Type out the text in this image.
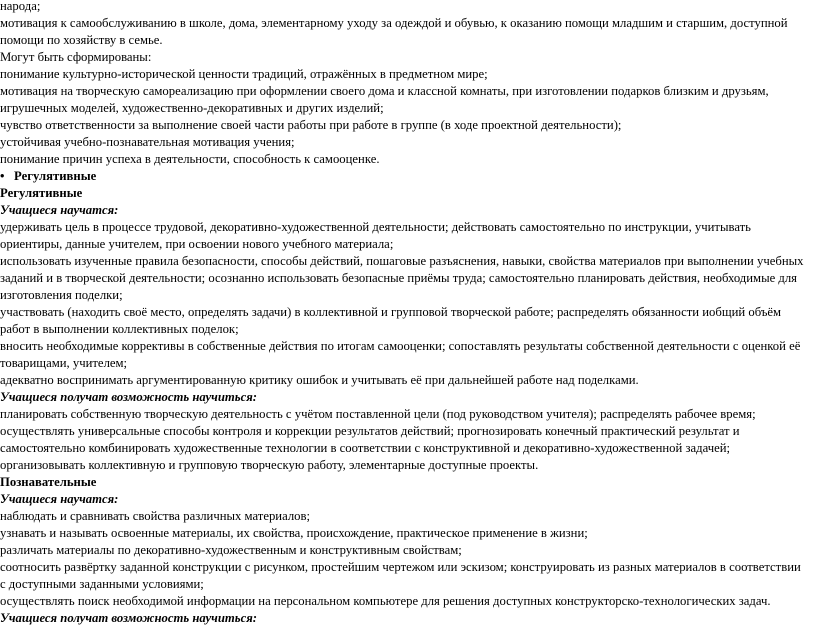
народа;

мотивация к самообслуживанию в школе, дома, элементарному уходу за одеждой и обувью, к оказанию помощи младшим и старшим, доступной помощи по хозяйству в семье.

Могут быть сформированы:

понимание культурно-исторической ценности традиций, отражённых в предметном мире;

мотивация на творческую самореализацию при оформлении своего дома и классной комнаты, при изготовлении подарков близким и друзьям, игрушечных моделей, художественно-декоративных и других изделий;

чувство ответственности за выполнение своей части работы при работе в группе (в ходе проектной деятельности);

устойчивая учебно-познавательная мотивация учения;

понимание причин успеха в деятельности, способность к самооценке.

• Регулятивные

Регулятивные

Учащиеся научатся:

удерживать цель в процессе трудовой, декоративно-художественной деятельности; действовать самостоятельно по инструкции, учитывать ориентиры, данные учителем, при освоении нового учебного материала;

использовать изученные правила безопасности, способы действий, пошаговые разъяснения, навыки, свойства материалов при выполнении учебных заданий и в творческой деятельности; осознанно использовать безопасные приёмы труда; самостоятельно планировать действия, необходимые для изготовления поделки;

участвовать (находить своё место, определять задачи) в коллективной и групповой творческой работе; распределять обязанности иобщий объём работ в выполнении коллективных поделок;

вносить необходимые коррективы в собственные действия по итогам самооценки; сопоставлять результаты собственной деятельности с оценкой её товарищами, учителем;

адекватно воспринимать аргументированную критику ошибок и учитывать её при дальнейшей работе над поделками.

Учащиеся получат возможность научиться:

планировать собственную творческую деятельность с учётом поставленной цели (под руководством учителя); распределять рабочее время;

осуществлять универсальные способы контроля и коррекции результатов действий; прогнозировать конечный практический результат и самостоятельно комбинировать художественные технологии в соответствии с конструктивной и декоративно-художественной задачей;

организовывать коллективную и групповую творческую работу, элементарные доступные проекты.

Познавательные

Учащиеся научатся:

наблюдать и сравнивать свойства различных материалов;

узнавать и называть освоенные материалы, их свойства, происхождение, практическое применение в жизни;

различать материалы по декоративно-художественным и конструктивным свойствам;

соотносить развёртку заданной конструкции с рисунком, простейшим чертежом или эскизом; конструировать из разных материалов в соответствии с доступными заданными условиями;

осуществлять поиск необходимой информации на персональном компьютере для решения доступных конструкторско-технологических задач.

Учащиеся получат возможность научиться:
